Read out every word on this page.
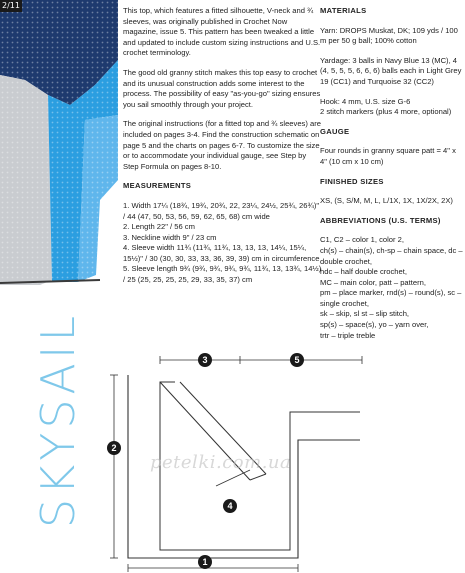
2/11
SKYSAIL

This top, which features a fitted silhouette, V-neck and ¾ sleeves, was originally published in Crochet Now magazine, issue 5. This pattern has been tweaked a little and updated to include custom sizing instructions and U.S. crochet terminology.

The good old granny stitch makes this top easy to crochet and its unusual construction adds some interest to the process. The possibility of easy "as-you-go" sizing ensures you sail smoothly through your project.

The original instructions (for a fitted top and ¾ sleeves) are included on pages 3-4. Find the construction schematic on page 5 and the charts on pages 6-7. To customize the size or to accommodate your individual gauge, see Step by Step Formula on pages 8-10.

MEASUREMENTS
1. Width 17¼ (18¾, 19¾, 20¾, 22, 23¼, 24½, 25¾, 26¾)" / 44 (47, 50, 53, 56, 59, 62, 65, 68) cm wide
2. Length 22" / 56 cm
3. Neckline width 9" / 23 cm
4. Sleeve width 11¾ (11¾, 11¾, 13, 13, 13, 14¼, 15¼, 15½)" / 30 (30, 30, 33, 33, 36, 39, 39) cm in circumference
5. Sleeve length 9¾ (9¾, 9¾, 9¾, 9¾, 11¾, 13, 13¾, 14½) / 25 (25, 25, 25, 25, 29, 33, 35, 37) cm
MATERIALS

Yarn: DROPS Muskat, DK; 109 yds / 100 m per 50 g ball; 100% cotton

Yardage: 3 balls in Navy Blue 13 (MC), 4 (4, 5, 5, 5, 6, 6, 6) balls each in Light Grey 19 (CC1) and Turquoise 32 (CC2)

Hook: 4 mm, U.S. size G-6

2 stitch markers (plus 4 more, optional)

GAUGE

Four rounds in granny square patt = 4" x 4" (10 cm x 10 cm)

FINISHED SIZES

XS, (S, S/M, M, L, L/1X, 1X, 1X/2X, 2X)

ABBREVIATIONS (U.S. TERMS)

C1, C2 – color 1, color 2,

ch(s) – chain(s), ch-sp – chain space, dc – double crochet,

hdc – half double crochet,

MC – main color, patt – pattern,

pm – place marker, rnd(s) – round(s), sc – single crochet,

sk – skip, sl st – slip stitch,

sp(s) – space(s), yo – yarn over,

trtr – triple treble

3	5
2
4
1
petelki.com.ua
